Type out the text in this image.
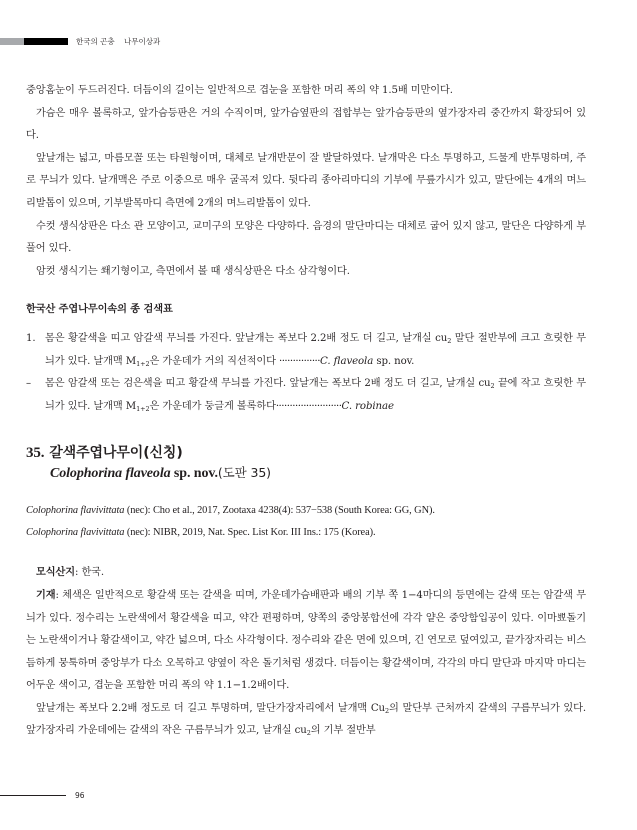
한국의 곤충 나무이상과

중앙홈눈이 두드러진다. 더듬이의 길이는 일반적으로 겹눈을 포함한 머리 폭의 약 1.5배 미만이다.

가슴은 매우 볼록하고, 앞가슴등판은 거의 수직이며, 앞가슴옆판의 접합부는 앞가슴등판의 옆가장자리 중간까지 확장되어 있다.

앞날개는 넓고, 마름모꼴 또는 타원형이며, 대체로 날개반문이 잘 발달하였다. 날개막은 다소 투명하고, 드물게 반투명하며, 주로 무늬가 있다. 날개맥은 주로 이중으로 매우 굴곡져 있다. 뒷다리 종아리마디의 기부에 무릎가시가 있고, 말단에는 4개의 며느리발톱이 있으며, 기부발목마디 측면에 2개의 며느리발톱이 있다.

수컷 생식상판은 다소 관 모양이고, 교미구의 모양은 다양하다. 음경의 말단마디는 대체로 굽어 있지 않고, 말단은 다양하게 부풀어 있다.

암컷 생식기는 쐐기형이고, 측면에서 볼 때 생식상판은 다소 삼각형이다.

한국산 주엽나무이속의 종 검색표

1. 몸은 황갈색을 띠고 암갈색 무늬를 가진다. 앞날개는 폭보다 2.2배 정도 더 길고, 날개실 $cu_2$ 말단 절반부에 크고 흐릿한 무늬가 있다. 날개맥 $M_{1+2}$은 가운데가 거의 직선적이다 ···············C. flaveola sp. nov.

– 몸은 암갈색 또는 검은색을 띠고 황갈색 무늬를 가진다. 앞날개는 폭보다 2배 정도 더 길고, 날개실 $cu_2$ 끝에 작고 흐릿한 무늬가 있다. 날개맥 $M_{1+2}$은 가운데가 둥글게 볼록하다························C. robinae

35. 갈색주엽나무이(신칭)
Colophorina flaveola sp. nov.(도판 35)
Colophorina flavivittata (nec): Cho et al., 2017, Zootaxa 4238(4): 537−538 (South Korea: GG, GN).
Colophorina flavivittata (nec): NIBR, 2019, Nat. Spec. List Kor. III Ins.: 175 (Korea).

모식산지: 한국.

기재: 체색은 일반적으로 황갈색 또는 갈색을 띠며, 가운데가슴배판과 배의 기부 쪽 1−4마디의 등면에는 갈색 또는 암갈색 무늬가 있다. 정수리는 노란색에서 황갈색을 띠고, 약간 편평하며, 양쪽의 중앙봉합선에 각각 얕은 중앙함입공이 있다. 이마뾰돌기는 노란색이거나 황갈색이고, 약간 넓으며, 다소 사각형이다. 정수리와 같은 면에 있으며, 긴 연모로 덮여있고, 끝가장자리는 비스듬하게 뭉툭하며 중앙부가 다소 오목하고 양옆이 작은 돌기처럼 생겼다. 더듬이는 황갈색이며, 각각의 마디 말단과 마지막 마디는 어두운 색이고, 겹눈을 포함한 머리 폭의 약 1.1−1.2배이다.

앞날개는 폭보다 2.2배 정도로 더 길고 투명하며, 말단가장자리에서 날개맥 $Cu_2$의 말단부 근처까지 갈색의 구름무늬가 있다. 앞가장자리 가운데에는 갈색의 작은 구름무늬가 있고, 날개실 $cu_2$의 기부 절반부

96
